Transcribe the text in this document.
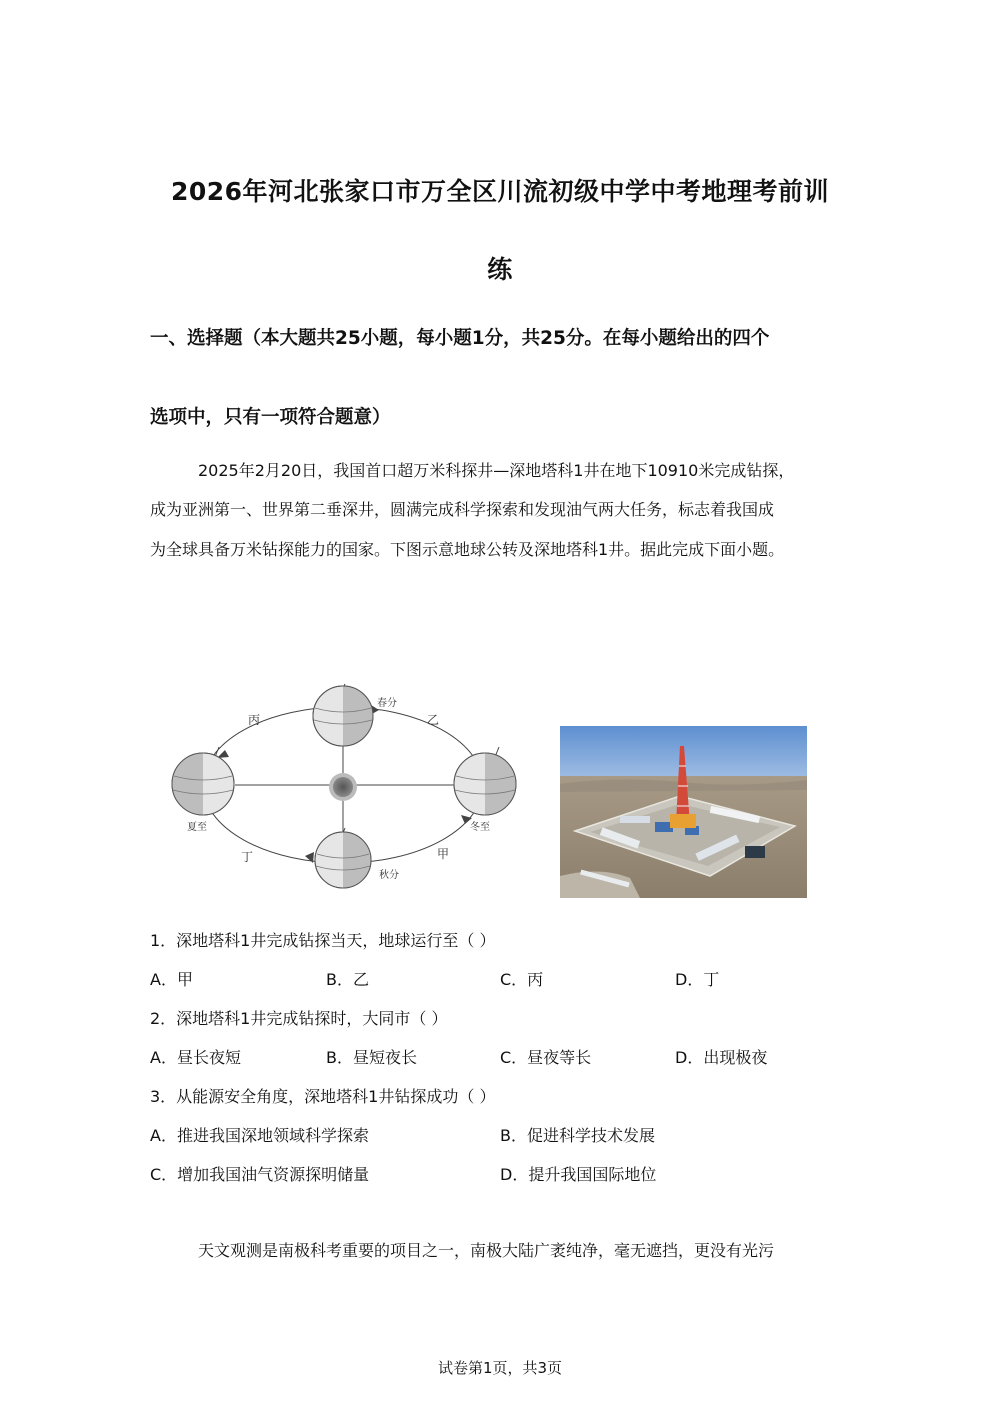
2026年河北张家口市万全区川流初级中学中考地理考前训
练
一、选择题（本大题共25小题，每小题1分，共25分。在每小题给出的四个
选项中，只有一项符合题意）
2025年2月20日，我国首口超万米科探井—深地塔科1井在地下10910米完成钻探，
成为亚洲第一、世界第二垂深井，圆满完成科学探索和发现油气两大任务，标志着我国成
为全球具备万米钻探能力的国家。下图示意地球公转及深地塔科1井。据此完成下面小题。
春分
夏至
秋分
冬至
丙	乙
丁	甲
1．深地塔科1井完成钻探当天，地球运行至（ ）
A．甲	B．乙	C．丙	D．丁
2．深地塔科1井完成钻探时，大同市（ ）
A．昼长夜短	B．昼短夜长	C．昼夜等长	D．出现极夜
3．从能源安全角度，深地塔科1井钻探成功（ ）
A．推进我国深地领域科学探索	B．促进科学技术发展
C．增加我国油气资源探明储量	D．提升我国国际地位
天文观测是南极科考重要的项目之一，南极大陆广袤纯净，毫无遮挡，更没有光污
试卷第1页，共3页
